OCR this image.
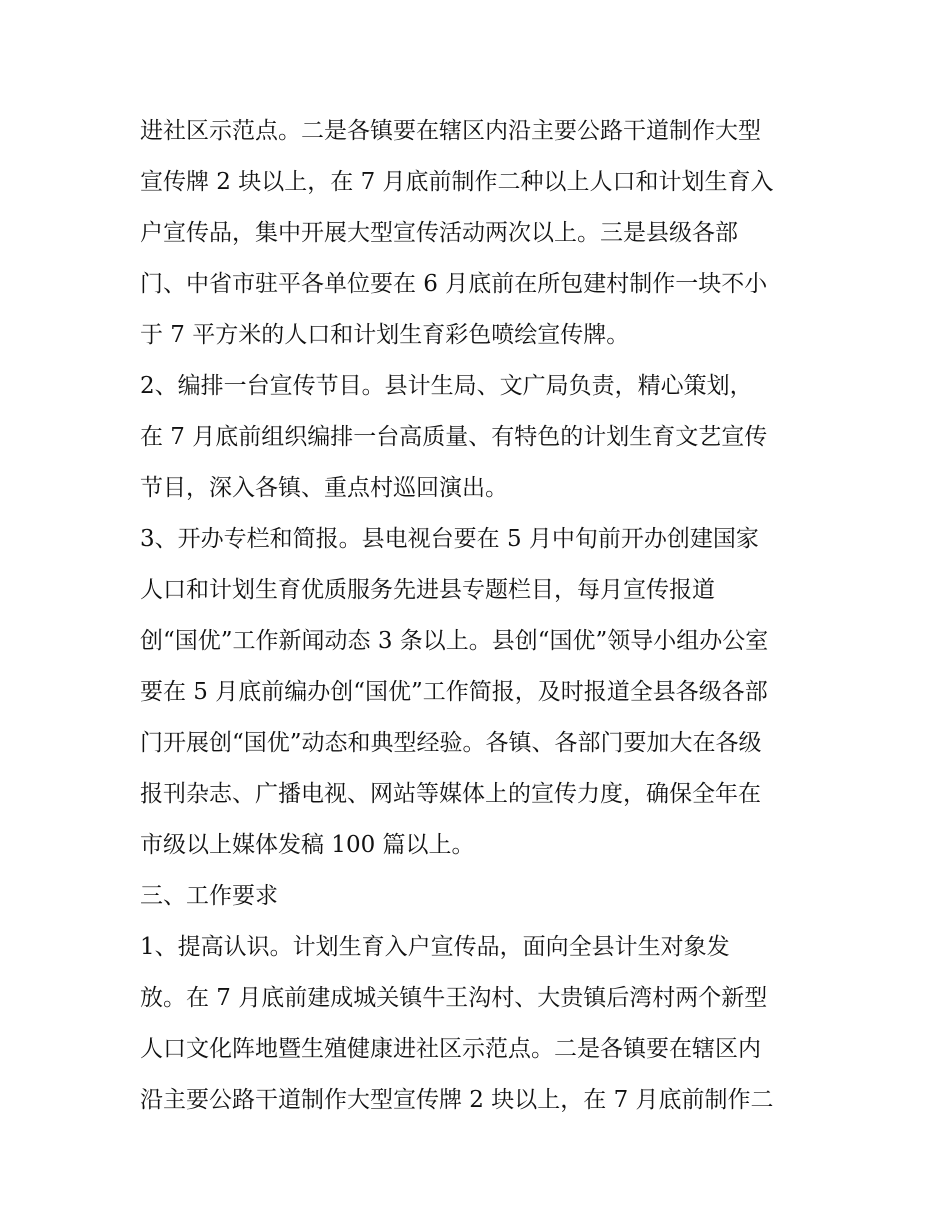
进社区示范点。二是各镇要在辖区内沿主要公路干道制作大型
宣传牌 2 块以上，在 7 月底前制作二种以上人口和计划生育入
户宣传品，集中开展大型宣传活动两次以上。三是县级各部
门、中省市驻平各单位要在 6 月底前在所包建村制作一块不小
于 7 平方米的人口和计划生育彩色喷绘宣传牌。
2、编排一台宣传节目。县计生局、文广局负责，精心策划，
在 7 月底前组织编排一台高质量、有特色的计划生育文艺宣传
节目，深入各镇、重点村巡回演出。
3、开办专栏和简报。县电视台要在 5 月中旬前开办创建国家
人口和计划生育优质服务先进县专题栏目，每月宣传报道
创“国优”工作新闻动态 3 条以上。县创“国优”领导小组办公室
要在 5 月底前编办创“国优”工作简报，及时报道全县各级各部
门开展创“国优”动态和典型经验。各镇、各部门要加大在各级
报刊杂志、广播电视、网站等媒体上的宣传力度，确保全年在
市级以上媒体发稿 100 篇以上。
三、工作要求
1、提高认识。计划生育入户宣传品，面向全县计生对象发
放。在 7 月底前建成城关镇牛王沟村、大贵镇后湾村两个新型
人口文化阵地暨生殖健康进社区示范点。二是各镇要在辖区内
沿主要公路干道制作大型宣传牌 2 块以上，在 7 月底前制作二
